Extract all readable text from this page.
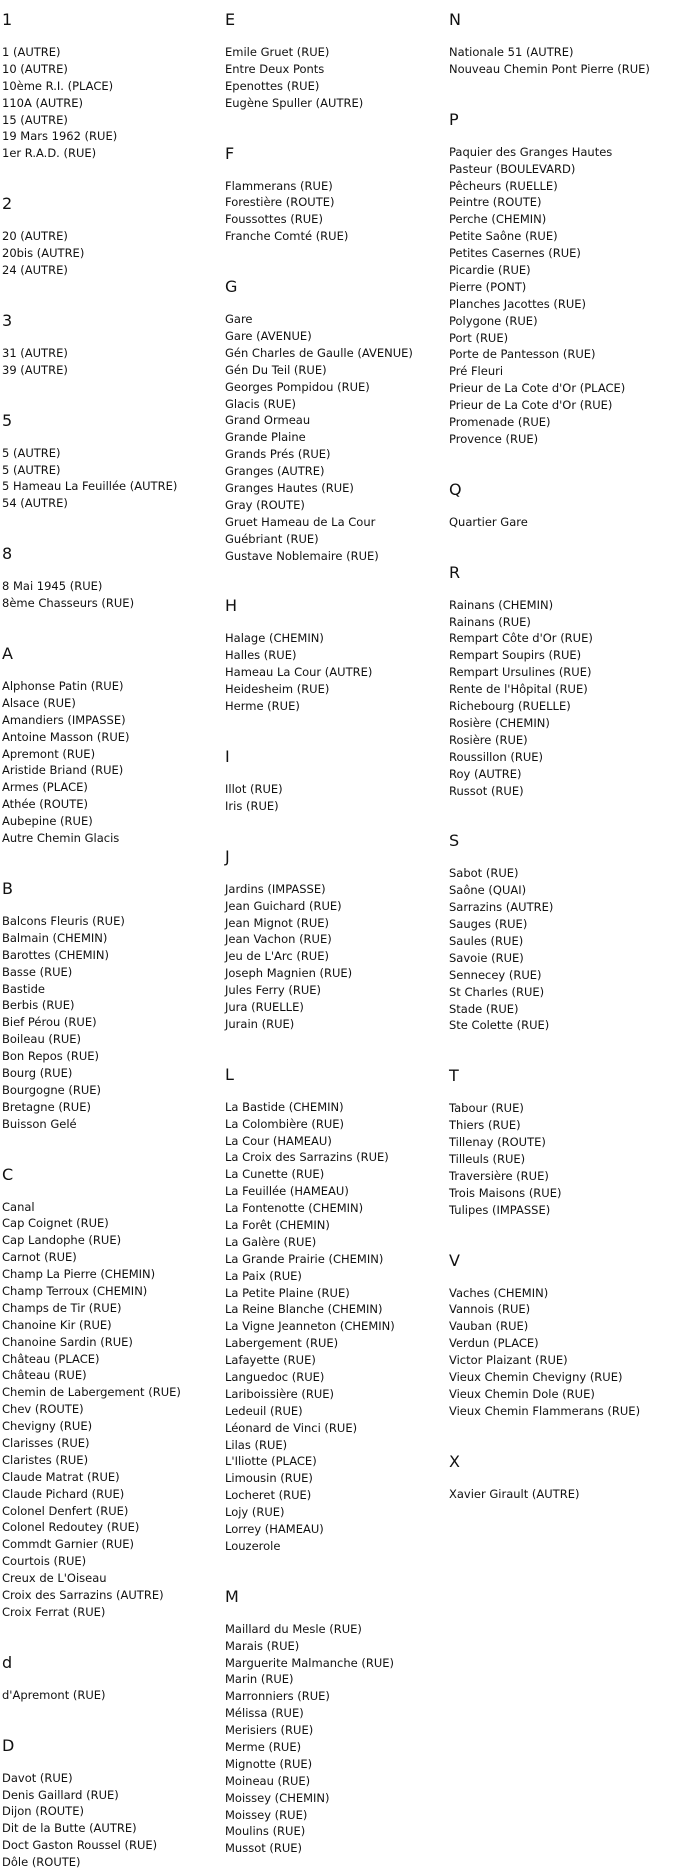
1
1 (AUTRE)
10 (AUTRE)
10ème R.I. (PLACE)
110A (AUTRE)
15 (AUTRE)
19 Mars 1962 (RUE)
1er R.A.D. (RUE)
2
20 (AUTRE)
20bis (AUTRE)
24 (AUTRE)
3
31 (AUTRE)
39 (AUTRE)
5
5 (AUTRE)
5 (AUTRE)
5 Hameau La Feuillée (AUTRE)
54 (AUTRE)
8
8 Mai 1945 (RUE)
8ème Chasseurs (RUE)
A
Alphonse Patin (RUE)
Alsace (RUE)
Amandiers (IMPASSE)
Antoine Masson (RUE)
Apremont (RUE)
Aristide Briand (RUE)
Armes (PLACE)
Athée (ROUTE)
Aubepine (RUE)
Autre Chemin Glacis
B
Balcons Fleuris (RUE)
Balmain (CHEMIN)
Barottes (CHEMIN)
Basse (RUE)
Bastide
Berbis (RUE)
Bief Pérou (RUE)
Boileau (RUE)
Bon Repos (RUE)
Bourg (RUE)
Bourgogne (RUE)
Bretagne (RUE)
Buisson Gelé
C
Canal
Cap Coignet (RUE)
Cap Landophe (RUE)
Carnot (RUE)
Champ La Pierre (CHEMIN)
Champ Terroux (CHEMIN)
Champs de Tir (RUE)
Chanoine Kir (RUE)
Chanoine Sardin (RUE)
Château (PLACE)
Château (RUE)
Chemin de Labergement (RUE)
Chev (ROUTE)
Chevigny (RUE)
Clarisses (RUE)
Claristes (RUE)
Claude Matrat (RUE)
Claude Pichard (RUE)
Colonel Denfert (RUE)
Colonel Redoutey (RUE)
Commdt Garnier (RUE)
Courtois (RUE)
Creux de L'Oiseau
Croix des Sarrazins (AUTRE)
Croix Ferrat (RUE)
d
d'Apremont (RUE)
D
Davot (RUE)
Denis Gaillard (RUE)
Dijon (ROUTE)
Dit de la Butte (AUTRE)
Doct Gaston Roussel (RUE)
Dôle (ROUTE)
E
Emile Gruet (RUE)
Entre Deux Ponts
Epenottes (RUE)
Eugène Spuller (AUTRE)
F
Flammerans (RUE)
Forestière (ROUTE)
Foussottes (RUE)
Franche Comté (RUE)
G
Gare
Gare (AVENUE)
Gén Charles de Gaulle (AVENUE)
Gén Du Teil (RUE)
Georges Pompidou (RUE)
Glacis (RUE)
Grand Ormeau
Grande Plaine
Grands Prés (RUE)
Granges (AUTRE)
Granges Hautes (RUE)
Gray (ROUTE)
Gruet Hameau de La Cour
Guébriant (RUE)
Gustave Noblemaire (RUE)
H
Halage (CHEMIN)
Halles (RUE)
Hameau La Cour (AUTRE)
Heidesheim (RUE)
Herme (RUE)
I
Illot (RUE)
Iris (RUE)
J
Jardins (IMPASSE)
Jean Guichard (RUE)
Jean Mignot (RUE)
Jean Vachon (RUE)
Jeu de L'Arc (RUE)
Joseph Magnien (RUE)
Jules Ferry (RUE)
Jura (RUELLE)
Jurain (RUE)
L
La Bastide (CHEMIN)
La Colombière (RUE)
La Cour (HAMEAU)
La Croix des Sarrazins (RUE)
La Cunette (RUE)
La Feuillée (HAMEAU)
La Fontenotte (CHEMIN)
La Forêt (CHEMIN)
La Galère (RUE)
La Grande Prairie (CHEMIN)
La Paix (RUE)
La Petite Plaine (RUE)
La Reine Blanche (CHEMIN)
La Vigne Jeanneton (CHEMIN)
Labergement (RUE)
Lafayette (RUE)
Languedoc (RUE)
Lariboissière (RUE)
Ledeuil (RUE)
Léonard de Vinci (RUE)
Lilas (RUE)
L'Iliotte (PLACE)
Limousin (RUE)
Locheret (RUE)
Lojy (RUE)
Lorrey (HAMEAU)
Louzerole
M
Maillard du Mesle (RUE)
Marais (RUE)
Marguerite Malmanche (RUE)
Marin (RUE)
Marronniers (RUE)
Mélissa (RUE)
Merisiers (RUE)
Merme (RUE)
Mignotte (RUE)
Moineau (RUE)
Moissey (CHEMIN)
Moissey (RUE)
Moulins (RUE)
Mussot (RUE)
N
Nationale 51 (AUTRE)
Nouveau Chemin Pont Pierre (RUE)
P
Paquier des Granges Hautes
Pasteur (BOULEVARD)
Pêcheurs (RUELLE)
Peintre (ROUTE)
Perche (CHEMIN)
Petite Saône (RUE)
Petites Casernes (RUE)
Picardie (RUE)
Pierre (PONT)
Planches Jacottes (RUE)
Polygone (RUE)
Port (RUE)
Porte de Pantesson (RUE)
Pré Fleuri
Prieur de La Cote d'Or (PLACE)
Prieur de La Cote d'Or (RUE)
Promenade (RUE)
Provence (RUE)
Q
Quartier Gare
R
Rainans (CHEMIN)
Rainans (RUE)
Rempart Côte d'Or (RUE)
Rempart Soupirs (RUE)
Rempart Ursulines (RUE)
Rente de l'Hôpital (RUE)
Richebourg (RUELLE)
Rosière (CHEMIN)
Rosière (RUE)
Roussillon (RUE)
Roy (AUTRE)
Russot (RUE)
S
Sabot (RUE)
Saône (QUAI)
Sarrazins (AUTRE)
Sauges (RUE)
Saules (RUE)
Savoie (RUE)
Sennecey (RUE)
St Charles (RUE)
Stade (RUE)
Ste Colette (RUE)
T
Tabour (RUE)
Thiers (RUE)
Tillenay (ROUTE)
Tilleuls (RUE)
Traversière (RUE)
Trois Maisons (RUE)
Tulipes (IMPASSE)
V
Vaches (CHEMIN)
Vannois (RUE)
Vauban (RUE)
Verdun (PLACE)
Victor Plaizant (RUE)
Vieux Chemin Chevigny (RUE)
Vieux Chemin Dole (RUE)
Vieux Chemin Flammerans (RUE)
X
Xavier Girault (AUTRE)
